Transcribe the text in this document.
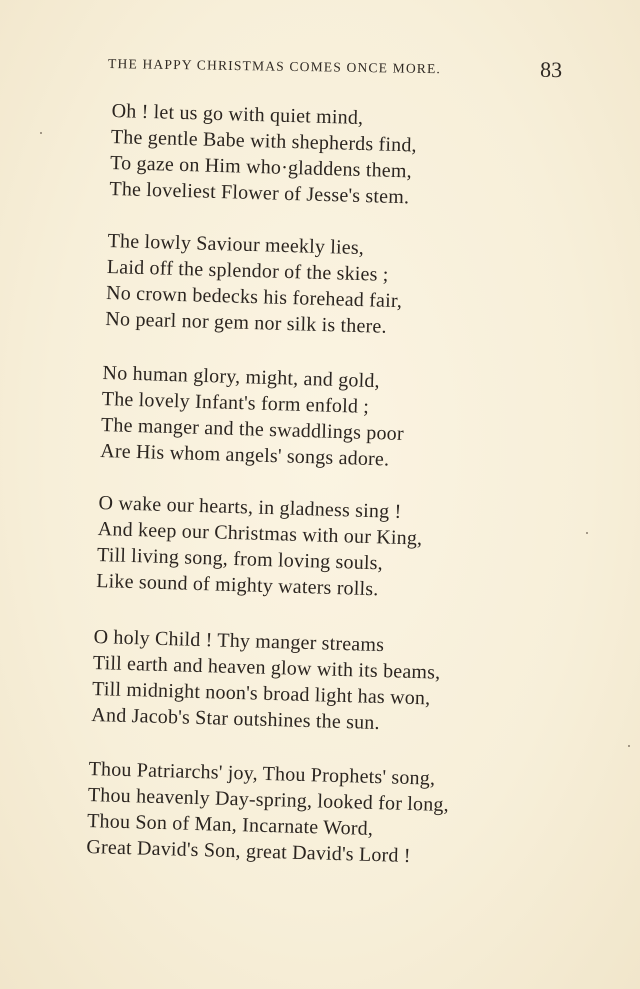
THE HAPPY CHRISTMAS COMES ONCE MORE.	83
Oh ! let us go with quiet mind,
The gentle Babe with shepherds find,
To gaze on Him who·gladdens them,
The loveliest Flower of Jesse's stem.
The lowly Saviour meekly lies,
Laid off the splendor of the skies ;
No crown bedecks his forehead fair,
No pearl nor gem nor silk is there.
No human glory, might, and gold,
The lovely Infant's form enfold ;
The manger and the swaddlings poor
Are His whom angels' songs adore.
O wake our hearts, in gladness sing !
And keep our Christmas with our King,
Till living song, from loving souls,
Like sound of mighty waters rolls.
O holy Child ! Thy manger streams
Till earth and heaven glow with its beams,
Till midnight noon's broad light has won,
And Jacob's Star outshines the sun.
Thou Patriarchs' joy, Thou Prophets' song,
Thou heavenly Day-spring, looked for long,
Thou Son of Man, Incarnate Word,
Great David's Son, great David's Lord !
